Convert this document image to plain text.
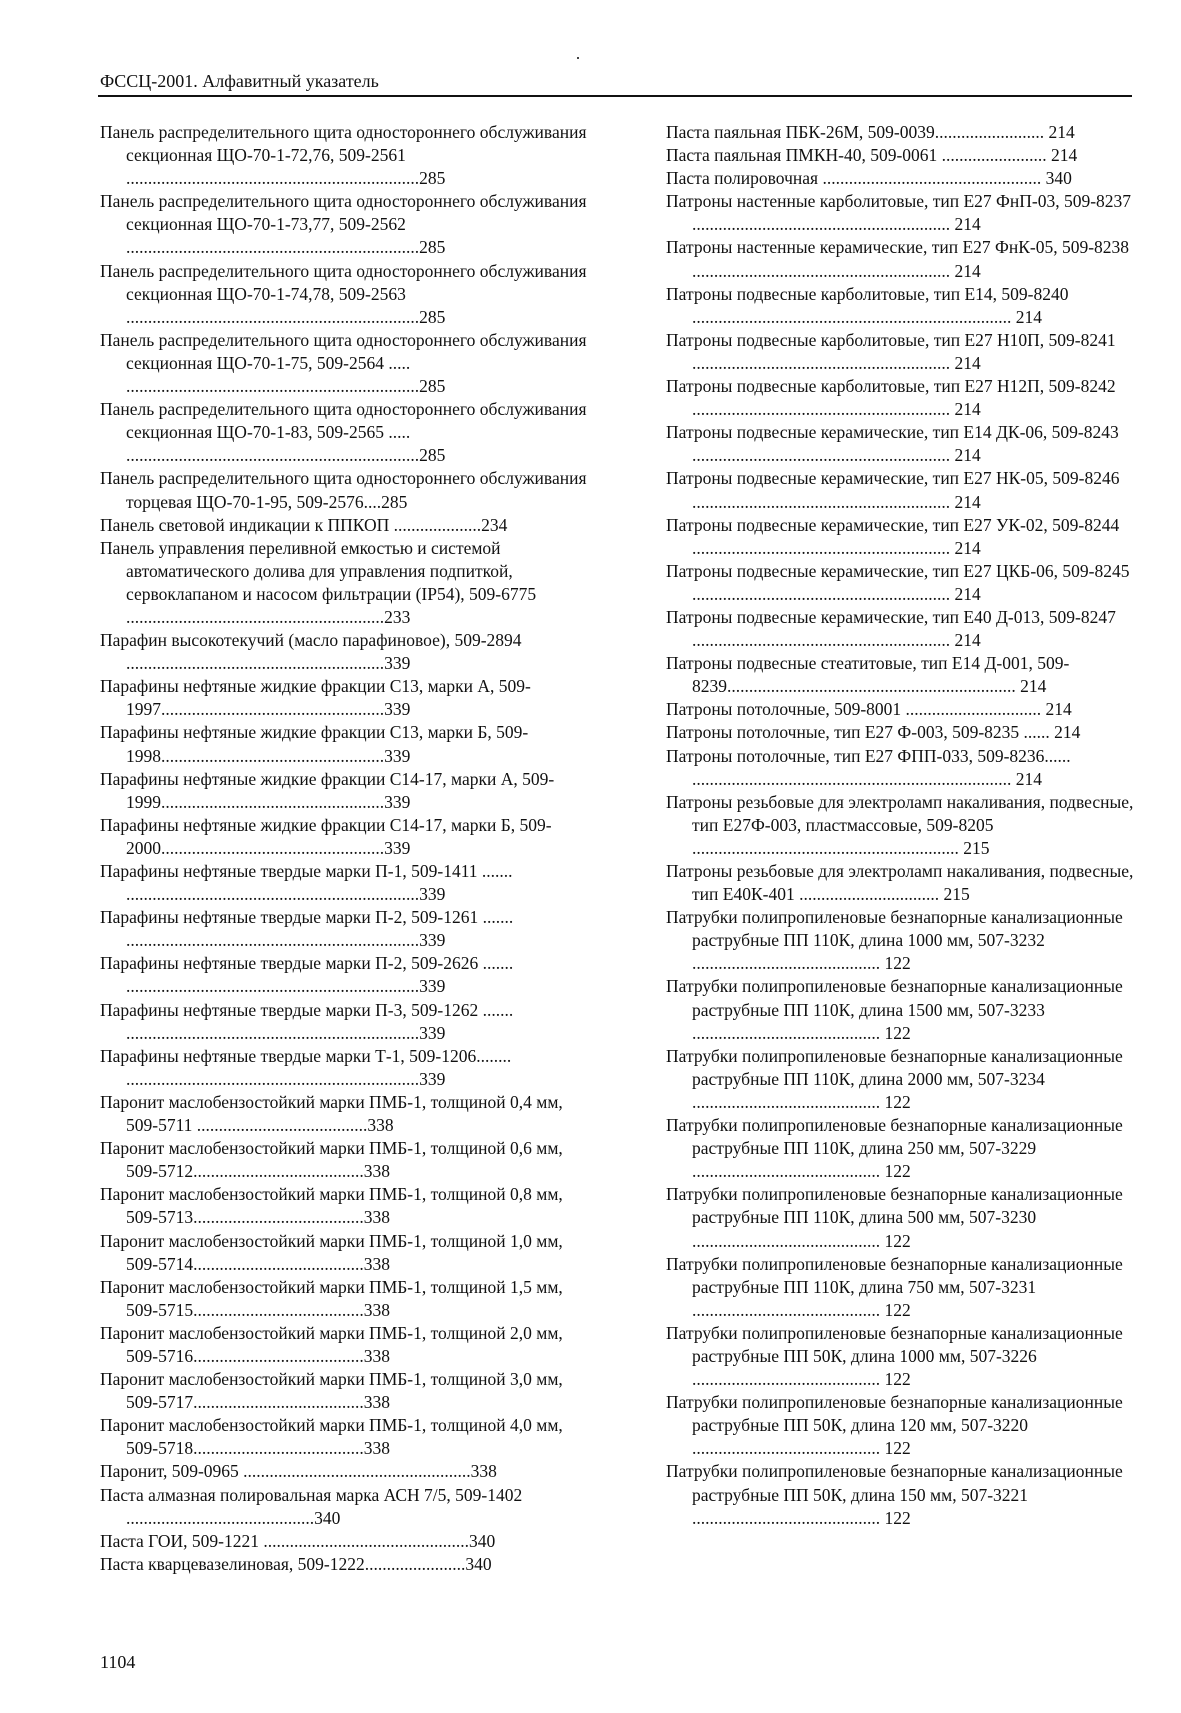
ФССЦ-2001. Алфавитный указатель

Панель распределительного щита одностороннего обслуживания секционная ЩО-70-1-72,76, 509-2561 ...................................................................285

Панель распределительного щита одностороннего обслуживания секционная ЩО-70-1-73,77, 509-2562 ...................................................................285

Панель распределительного щита одностороннего обслуживания секционная ЩО-70-1-74,78, 509-2563 ...................................................................285

Панель распределительного щита одностороннего обслуживания секционная ЩО-70-1-75, 509-2564 ..... ...................................................................285

Панель распределительного щита одностороннего обслуживания секционная ЩО-70-1-83, 509-2565 ..... ...................................................................285

Панель распределительного щита одностороннего обслуживания торцевая ЩО-70-1-95, 509-2576....285

Панель световой индикации к ППКОП ....................234

Панель управления переливной емкостью и системой автоматического долива для управления подпиткой, сервоклапаном и насосом фильтрации (IP54), 509-6775 ...........................................................233

Парафин высокотекучий (масло парафиновое), 509-2894 ...........................................................339

Парафины нефтяные жидкие фракции С13, марки А, 509-1997...................................................339

Парафины нефтяные жидкие фракции С13, марки Б, 509-1998...................................................339

Парафины нефтяные жидкие фракции С14-17, марки А, 509-1999...................................................339

Парафины нефтяные жидкие фракции С14-17, марки Б, 509-2000...................................................339

Парафины нефтяные твердые марки П-1, 509-1411 ....... ...................................................................339

Парафины нефтяные твердые марки П-2, 509-1261 ....... ...................................................................339

Парафины нефтяные твердые марки П-2, 509-2626 ....... ...................................................................339

Парафины нефтяные твердые марки П-3, 509-1262 ....... ...................................................................339

Парафины нефтяные твердые марки Т-1, 509-1206........ ...................................................................339

Паронит маслобензостойкий марки ПМБ-1, толщиной 0,4 мм, 509-5711 .......................................338

Паронит маслобензостойкий марки ПМБ-1, толщиной 0,6 мм, 509-5712.......................................338

Паронит маслобензостойкий марки ПМБ-1, толщиной 0,8 мм, 509-5713.......................................338

Паронит маслобензостойкий марки ПМБ-1, толщиной 1,0 мм, 509-5714.......................................338

Паронит маслобензостойкий марки ПМБ-1, толщиной 1,5 мм, 509-5715.......................................338

Паронит маслобензостойкий марки ПМБ-1, толщиной 2,0 мм, 509-5716.......................................338

Паронит маслобензостойкий марки ПМБ-1, толщиной 3,0 мм, 509-5717.......................................338

Паронит маслобензостойкий марки ПМБ-1, толщиной 4,0 мм, 509-5718.......................................338

Паронит, 509-0965 ....................................................338

Паста алмазная полировальная марка АСН 7/5, 509-1402 ...........................................340

Паста ГОИ, 509-1221 ...............................................340

Паста кварцевазелиновая, 509-1222.......................340

Паста паяльная ПБК-26М, 509-0039......................... 214

Паста паяльная ПМКН-40, 509-0061 ........................ 214

Паста полировочная .................................................. 340

Патроны настенные карболитовые, тип Е27 ФнП-03, 509-8237 ........................................................... 214

Патроны настенные керамические, тип Е27 ФнК-05, 509-8238 ........................................................... 214

Патроны подвесные карболитовые, тип Е14, 509-8240 ......................................................................... 214

Патроны подвесные карболитовые, тип Е27 Н10П, 509-8241 ........................................................... 214

Патроны подвесные карболитовые, тип Е27 Н12П, 509-8242 ........................................................... 214

Патроны подвесные керамические, тип Е14 ДК-06, 509-8243 ........................................................... 214

Патроны подвесные керамические, тип Е27 НК-05, 509-8246 ........................................................... 214

Патроны подвесные керамические, тип Е27 УК-02, 509-8244 ........................................................... 214

Патроны подвесные керамические, тип Е27 ЦКБ-06, 509-8245 ........................................................... 214

Патроны подвесные керамические, тип Е40 Д-013, 509-8247 ........................................................... 214

Патроны подвесные стеатитовые, тип Е14 Д-001, 509-8239.................................................................. 214

Патроны потолочные, 509-8001 ............................... 214

Патроны потолочные, тип Е27 Ф-003, 509-8235 ...... 214

Патроны потолочные, тип Е27 ФПП-033, 509-8236...... ......................................................................... 214

Патроны резьбовые для электроламп накаливания, подвесные, тип Е27Ф-003, пластмассовые, 509-8205 ............................................................. 215

Патроны резьбовые для электроламп накаливания, подвесные, тип Е40К-401 ................................ 215

Патрубки полипропиленовые безнапорные канализационные раструбные ПП 110К, длина 1000 мм, 507-3232 ........................................... 122

Патрубки полипропиленовые безнапорные канализационные раструбные ПП 110К, длина 1500 мм, 507-3233 ........................................... 122

Патрубки полипропиленовые безнапорные канализационные раструбные ПП 110К, длина 2000 мм, 507-3234 ........................................... 122

Патрубки полипропиленовые безнапорные канализационные раструбные ПП 110К, длина 250 мм, 507-3229 ........................................... 122

Патрубки полипропиленовые безнапорные канализационные раструбные ПП 110К, длина 500 мм, 507-3230 ........................................... 122

Патрубки полипропиленовые безнапорные канализационные раструбные ПП 110К, длина 750 мм, 507-3231 ........................................... 122

Патрубки полипропиленовые безнапорные канализационные раструбные ПП 50К, длина 1000 мм, 507-3226 ........................................... 122

Патрубки полипропиленовые безнапорные канализационные раструбные ПП 50К, длина 120 мм, 507-3220 ........................................... 122

Патрубки полипропиленовые безнапорные канализационные раструбные ПП 50К, длина 150 мм, 507-3221 ........................................... 122

1104
